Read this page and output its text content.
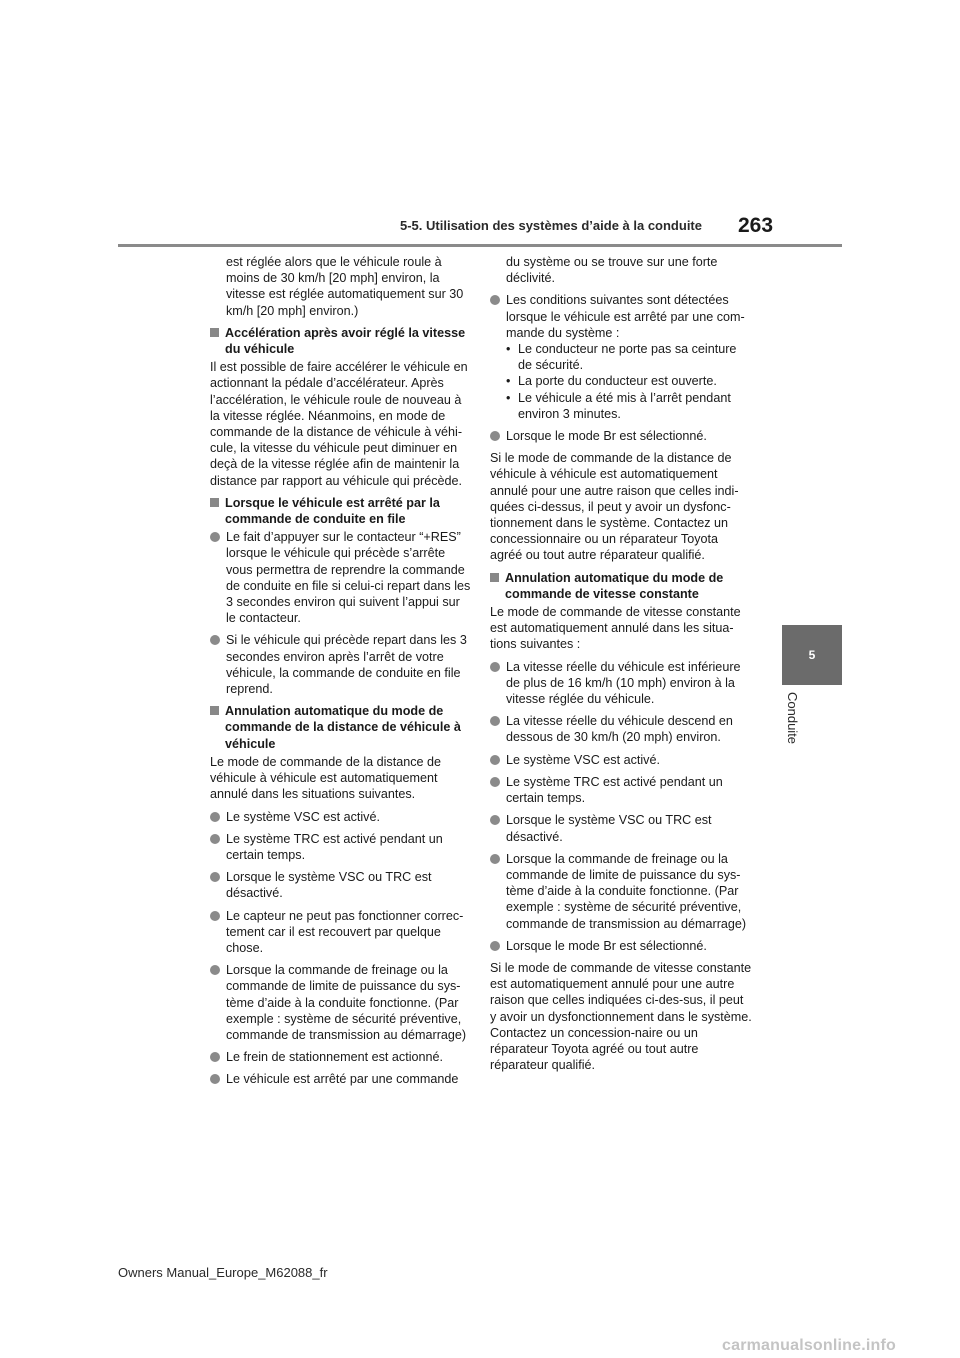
5-5. Utilisation des systèmes d’aide à la conduite 263
5
Conduite

est réglée alors que le véhicule roule à moins de 30 km/h [20 mph] environ, la vitesse est réglée automatiquement sur 30 km/h [20 mph] environ.)

Accélération après avoir réglé la vitesse du véhicule

Il est possible de faire accélérer le véhicule en actionnant la pédale d’accélérateur. Après l’accélération, le véhicule roule de nouveau à la vitesse réglée. Néanmoins, en mode de commande de la distance de véhicule à véhi-cule, la vitesse du véhicule peut diminuer en deçà de la vitesse réglée afin de maintenir la distance par rapport au véhicule qui précède.

Lorsque le véhicule est arrêté par la commande de conduite en file
Le fait d’appuyer sur le contacteur “+RES” lorsque le véhicule qui précède s’arrête vous permettra de reprendre la commande de conduite en file si celui-ci repart dans les 3 secondes environ qui suivent l’appui sur le contacteur.
Si le véhicule qui précède repart dans les 3 secondes environ après l’arrêt de votre véhicule, la commande de conduite en file reprend.
Annulation automatique du mode de commande de la distance de véhicule à véhicule

Le mode de commande de la distance de véhicule à véhicule est automatiquement annulé dans les situations suivantes.

Le système VSC est activé.
Le système TRC est activé pendant un certain temps.
Lorsque le système VSC ou TRC est désactivé.
Le capteur ne peut pas fonctionner correc-tement car il est recouvert par quelque chose.
Lorsque la commande de freinage ou la commande de limite de puissance du sys-tème d’aide à la conduite fonctionne. (Par exemple : système de sécurité préventive, commande de transmission au démarrage)
Le frein de stationnement est actionné.
Le véhicule est arrêté par une commande

du système ou se trouve sur une forte déclivité.

Les conditions suivantes sont détectées lorsque le véhicule est arrêté par une com-mande du système :
• Le conducteur ne porte pas sa ceinture de sécurité.
• La porte du conducteur est ouverte.
• Le véhicule a été mis à l’arrêt pendant environ 3 minutes.
Lorsque le mode Br est sélectionné.

Si le mode de commande de la distance de véhicule à véhicule est automatiquement annulé pour une autre raison que celles indi-quées ci-dessus, il peut y avoir un dysfonc-tionnement dans le système. Contactez un concessionnaire ou un réparateur Toyota agréé ou tout autre réparateur qualifié.

Annulation automatique du mode de commande de vitesse constante

Le mode de commande de vitesse constante est automatiquement annulé dans les situa-tions suivantes :

La vitesse réelle du véhicule est inférieure de plus de 16 km/h (10 mph) environ à la vitesse réglée du véhicule.
La vitesse réelle du véhicule descend en dessous de 30 km/h (20 mph) environ.
Le système VSC est activé.
Le système TRC est activé pendant un certain temps.
Lorsque le système VSC ou TRC est désactivé.
Lorsque la commande de freinage ou la commande de limite de puissance du sys-tème d’aide à la conduite fonctionne. (Par exemple : système de sécurité préventive, commande de transmission au démarrage)
Lorsque le mode Br est sélectionné.

Si le mode de commande de vitesse constante est automatiquement annulé pour une autre raison que celles indiquées ci-des-sus, il peut y avoir un dysfonctionnement dans le système. Contactez un concession-naire ou un réparateur Toyota agréé ou tout autre réparateur qualifié.

Owners Manual_Europe_M62088_fr
carmanualsonline.info
